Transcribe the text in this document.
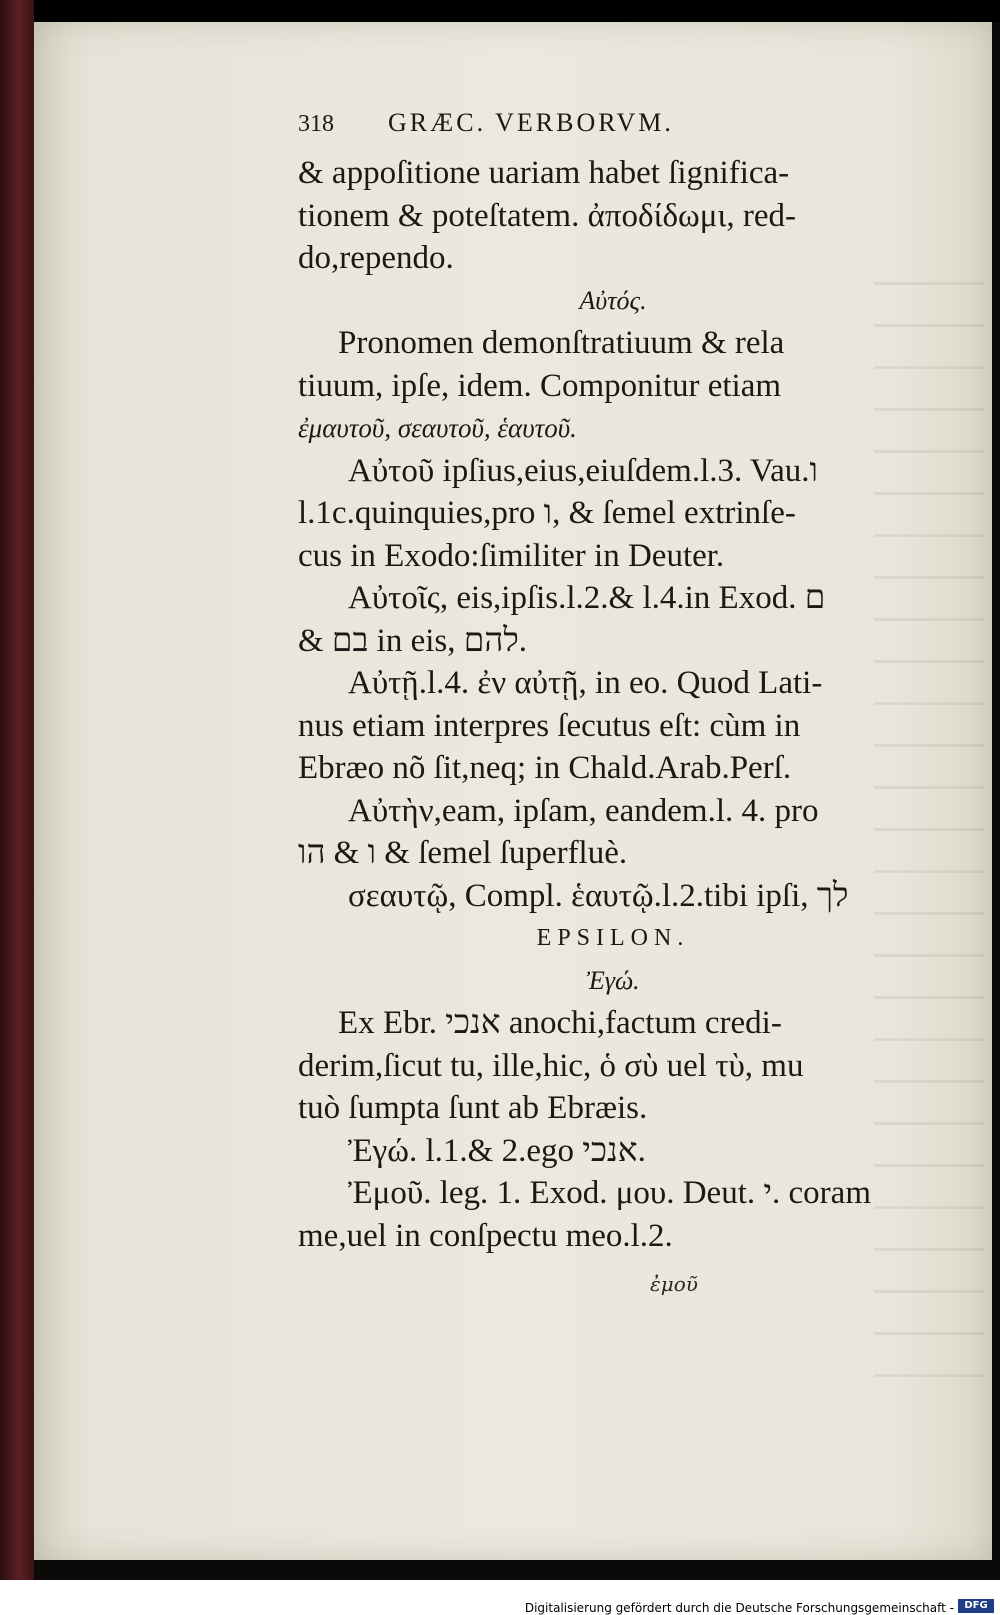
318	GRÆC. VERBORVM.
& appoſitione uariam habet ſignifica-
tionem & poteſtatem. ἀποδίδωμι, red-
do,rependo.
Αὐτός.
Pronomen demonſtratiuum & rela
tiuum, ipſe, idem. Componitur etiam
ἐμαυτοῦ, σεαυτοῦ, ἑαυτοῦ.
Αὐτοῦ ipſius,eius,eiuſdem.l.3. Vau.ו
l.1c.quinquies,pro ו, & ſemel extrinſe-
cus in Exodo:ſimiliter in Deuter.
Αὐτοῖς, eis,ipſis.l.2.& l.4.in Exod. ם
& בם in eis, להם.
Αὐτῇ.l.4. ἐν αὐτῇ, in eo. Quod Lati-
nus etiam interpres ſecutus eſt: cùm in
Ebræo nõ ſit,neq; in Chald.Arab.Perſ.
Αὐτὴν,eam, ipſam, eandem.l. 4. pro
ו & הו & ſemel ſuperfluè.
σεαυτῷ, Compl. ἑαυτῷ.l.2.tibi ipſi, לך
EPSILON.
Ἐγώ.
Ex Ebr. אנכי anochi,factum credi-
derim,ſicut tu, ille,hic, ὁ σὺ uel τὺ, mu
tuò ſumpta ſunt ab Ebræis.
Ἐγώ. l.1.& 2.ego אנכי.
Ἐμοῦ. leg. 1. Exod. μου. Deut. י. coram
me,uel in conſpectu meo.l.2.
ἐμοῦ
Digitalisierung gefördert durch die Deutsche Forschungsgemeinschaft -	DFG
